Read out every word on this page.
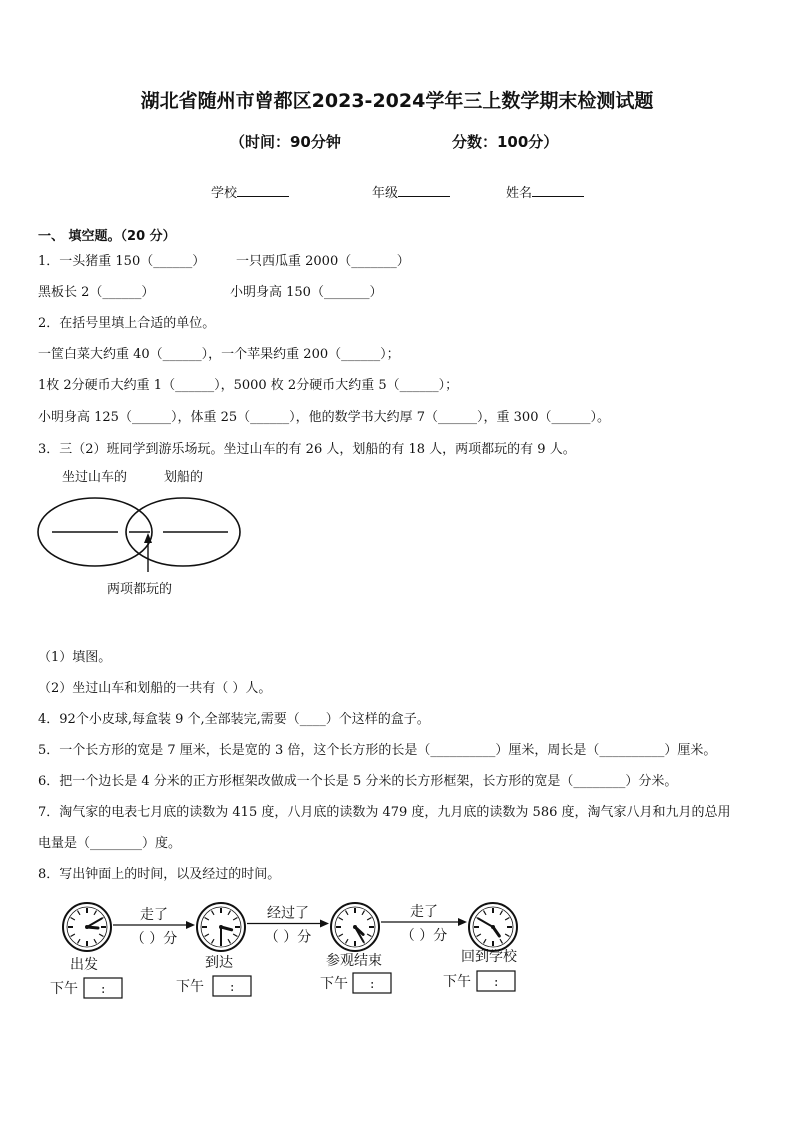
湖北省随州市曾都区2023-2024学年三上数学期末检测试题
（时间：90分钟	分数：100分）
学校	年级	姓名
一、 填空题。（20 分）
1．一头猪重 150（______） 一只西瓜重 2000（_______）
黑板长 2（______）	小明身高 150（_______）
2．在括号里填上合适的单位。
一筐白菜大约重 40（______），一个苹果约重 200（______）；
1枚 2分硬币大约重 1（______），5000 枚 2分硬币大约重 5（______）；
小明身高 125（______），体重 25（______），他的数学书大约厚 7（______），重 300（______）。
3．三（2）班同学到游乐场玩。坐过山车的有 26 人，划船的有 18 人，两项都玩的有 9 人。
坐过山车的	划船的
两项都玩的
（1）填图。
（2）坐过山车和划船的一共有（ ）人。
4．92个小皮球,每盒装 9 个,全部装完,需要（____）个这样的盒子。
5．一个长方形的宽是 7 厘米，长是宽的 3 倍，这个长方形的长是（__________）厘米，周长是（__________）厘米。
6．把一个边长是 4 分米的正方形框架改做成一个长是 5 分米的长方形框架，长方形的宽是（________）分米。
7．淘气家的电表七月底的读数为 415 度，八月底的读数为 479 度，九月底的读数为 586 度，淘气家八月和九月的总用
电量是（________）度。
8．写出钟面上的时间，以及经过的时间。
出发
下午 :
到达
下午 :
参观结束
下午 :
回到学校
下午 :
走了
（ ）分
经过了
（ ）分
走了
（ ）分
